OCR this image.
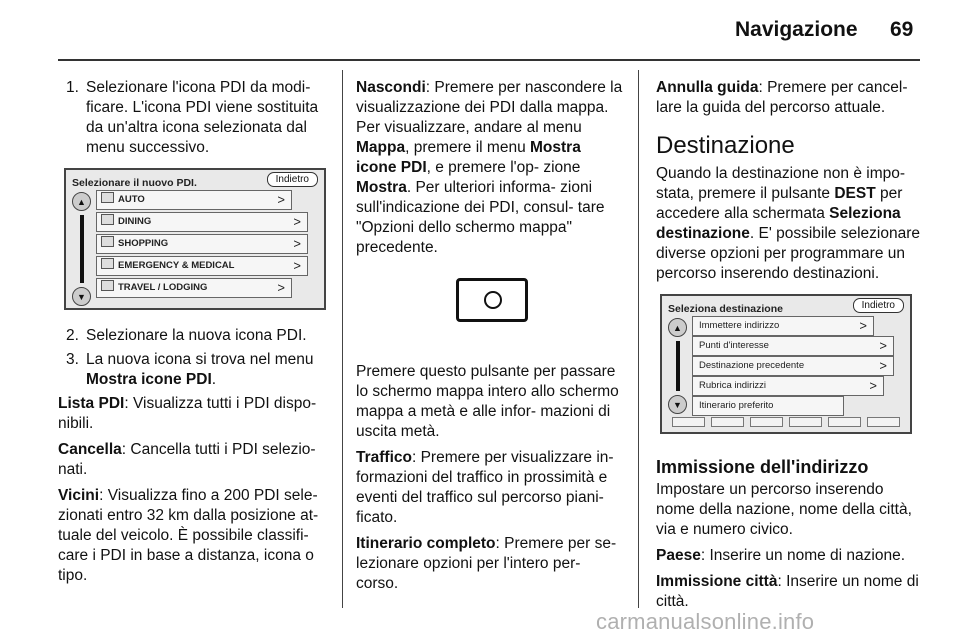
Navigazione 69
1. Selezionare l'icona PDI da modi- ficare. L'icona PDI viene sostituita da un'altra icona selezionata dal menu successivo.
Selezionare il nuovo PDI.	Indietro
▲
▼
AUTO	>
DINING	>
SHOPPING	>
EMERGENCY & MEDICAL	>
TRAVEL / LODGING	>
2. Selezionare la nuova icona PDI.
3. La nuova icona si trova nel menu Mostra icone PDI.

Lista PDI: Visualizza tutti i PDI dispo- nibili.

Cancella: Cancella tutti i PDI selezio- nati.

Vicini: Visualizza fino a 200 PDI sele- zionati entro 32 km dalla posizione at- tuale del veicolo. È possibile classifi- care i PDI in base a distanza, icona o tipo.

Nascondi: Premere per nascondere la visualizzazione dei PDI dalla mappa. Per visualizzare, andare al menu Mappa, premere il menu Mostra icone PDI, e premere l'op- zione Mostra. Per ulteriori informa- zioni sull'indicazione dei PDI, consul- tare "Opzioni dello schermo mappa" precedente.

Premere questo pulsante per passare lo schermo mappa intero allo schermo mappa a metà e alle infor- mazioni di uscita metà.

Traffico: Premere per visualizzare in- formazioni del traffico in prossimità e eventi del traffico sul percorso piani- ficato.

Itinerario completo: Premere per se- lezionare opzioni per l'intero per- corso.

Annulla guida: Premere per cancel- lare la guida del percorso attuale.

Destinazione

Quando la destinazione non è impo- stata, premere il pulsante DEST per accedere alla schermata Seleziona destinazione. E' possibile selezionare diverse opzioni per programmare un percorso inserendo destinazioni.

Seleziona destinazione	Indietro
▲
▼
Immettere indirizzo	>
Punti d'interesse	>
Destinazione precedente	>
Rubrica indirizzi	>
Itinerario preferito
Immissione dell'indirizzo

Impostare un percorso inserendo nome della nazione, nome della città, via e numero civico.

Paese: Inserire un nome di nazione.

Immissione città: Inserire un nome di città.

carmanualsonline.info
